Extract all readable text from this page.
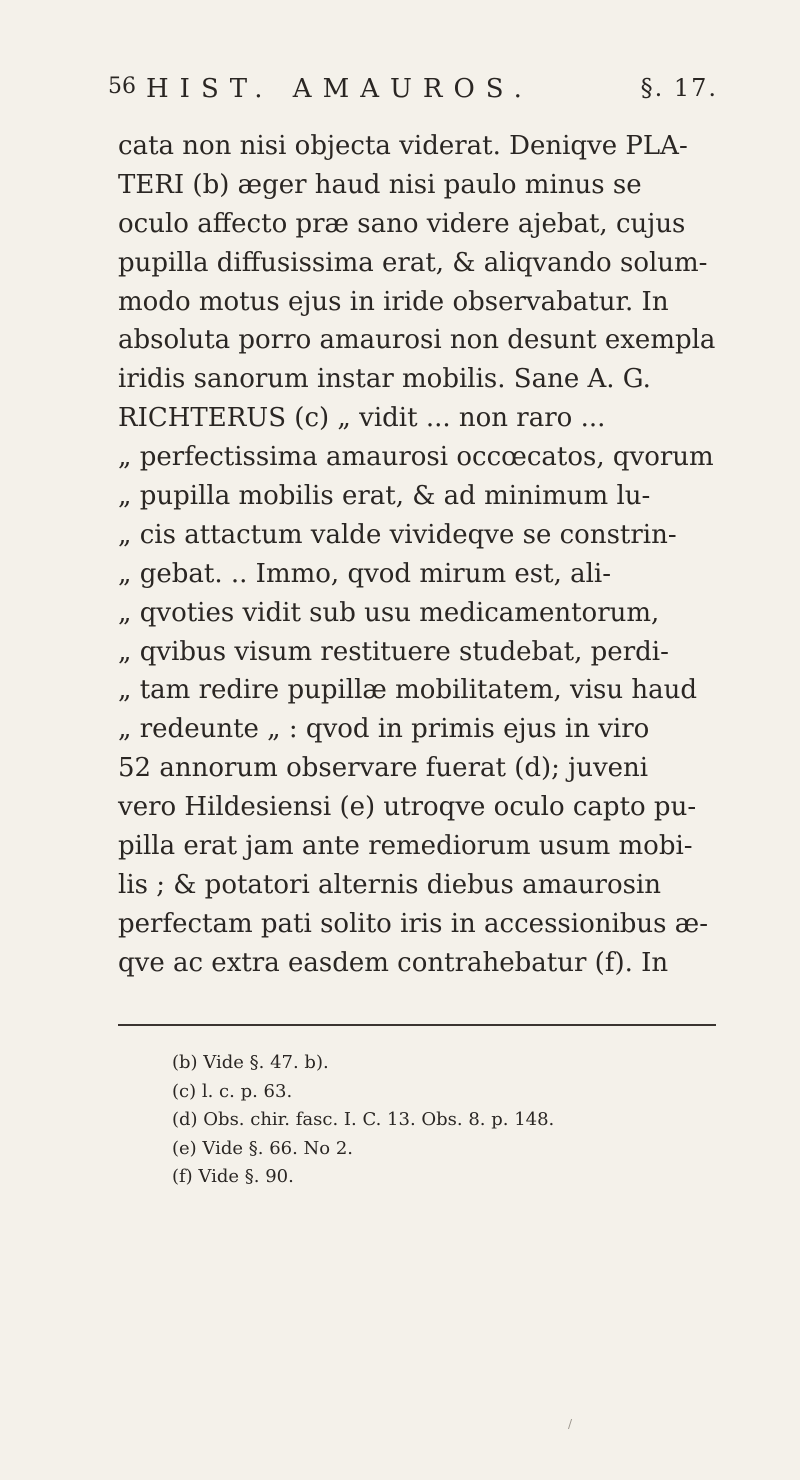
56 HIST. AMAUROS.	§. 17.
cata non nisi objecta viderat. Deniqve PLA-
TERI (b) æger haud nisi paulo minus se
oculo affecto præ sano videre ajebat, cujus
pupilla diffusissima erat, & aliqvando solum-
modo motus ejus in iride observabatur. In
absoluta porro amaurosi non desunt exempla
iridis sanorum instar mobilis. Sane A. G.
RICHTERUS (c) „ vidit ... non raro ...
„ perfectissima amaurosi occœcatos, qvorum
„ pupilla mobilis erat, & ad minimum lu-
„ cis attactum valde vivideqve se constrin-
„ gebat. .. Immo, qvod mirum est, ali-
„ qvoties vidit sub usu medicamentorum,
„ qvibus visum restituere studebat, perdi-
„ tam redire pupillæ mobilitatem, visu haud
„ redeunte „ : qvod in primis ejus in viro
52 annorum observare fuerat (d); juveni
vero Hildesiensi (e) utroqve oculo capto pu-
pilla erat jam ante remediorum usum mobi-
lis ; & potatori alternis diebus amaurosin
perfectam pati solito iris in accessionibus æ-
qve ac extra easdem contrahebatur (f). In
(b) Vide §. 47. b).
(c) l. c. p. 63.
(d) Obs. chir. fasc. I. C. 13. Obs. 8. p. 148.
(e) Vide §. 66. No 2.
(f) Vide §. 90.
/
